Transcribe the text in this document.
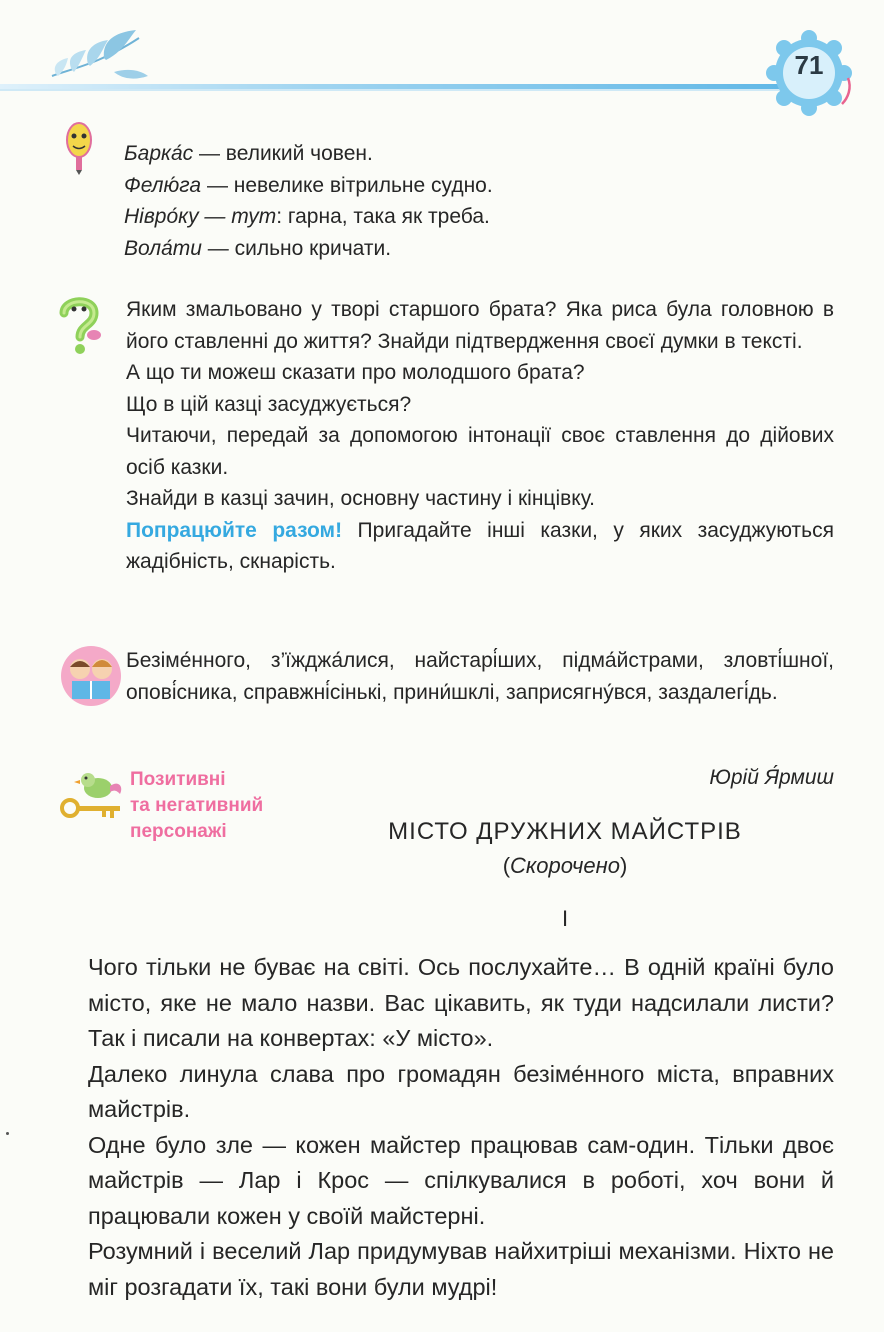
71
Барка́с — великий човен.
Фелю́га — невелике вітрильне судно.
Нівро́ку — тут: гарна, така як треба.
Вола́ти — сильно кричати.

Яким змальовано у творі старшого брата? Яка риса була головною в його ставленні до життя? Знайди підтвердження своєї думки в тексті.

А що ти можеш сказати про молодшого брата?

Що в цій казці засуджується?

Читаючи, передай за допомогою інтонації своє ставлення до дійових осіб казки.

Знайди в казці зачин, основну частину і кінцівку.

Попрацюйте разом! Пригадайте інші казки, у яких засуджуються жадібність, скнарість.

Безіме́нного, з’їжджа́лися, найстарі́ших, підма́йстрами, зловті́шної, опові́сника, справжні́сінькі, прини́шклі, заприсягну́вся, заздалегі́дь.
Позитивні
та негативний
персонажі
Юрій Я́рмиш
МІСТО ДРУЖНИХ МАЙСТРІВ
(Скорочено)
I

Чого тільки не буває на світі. Ось послухайте… В одній країні було місто, яке не мало назви. Вас цікавить, як туди надсилали листи? Так і писали на конвертах: «У місто».

Далеко линула слава про громадян безіме́нного міста, вправних майстрів.

Одне було зле — кожен майстер працював сам-один. Тільки двоє майстрів — Лар і Крос — спілкувалися в роботі, хоч вони й працювали кожен у своїй майстерні.

Розумний і веселий Лар придумував найхитріші механізми. Ніхто не міг розгадати їх, такі вони були мудрі!
